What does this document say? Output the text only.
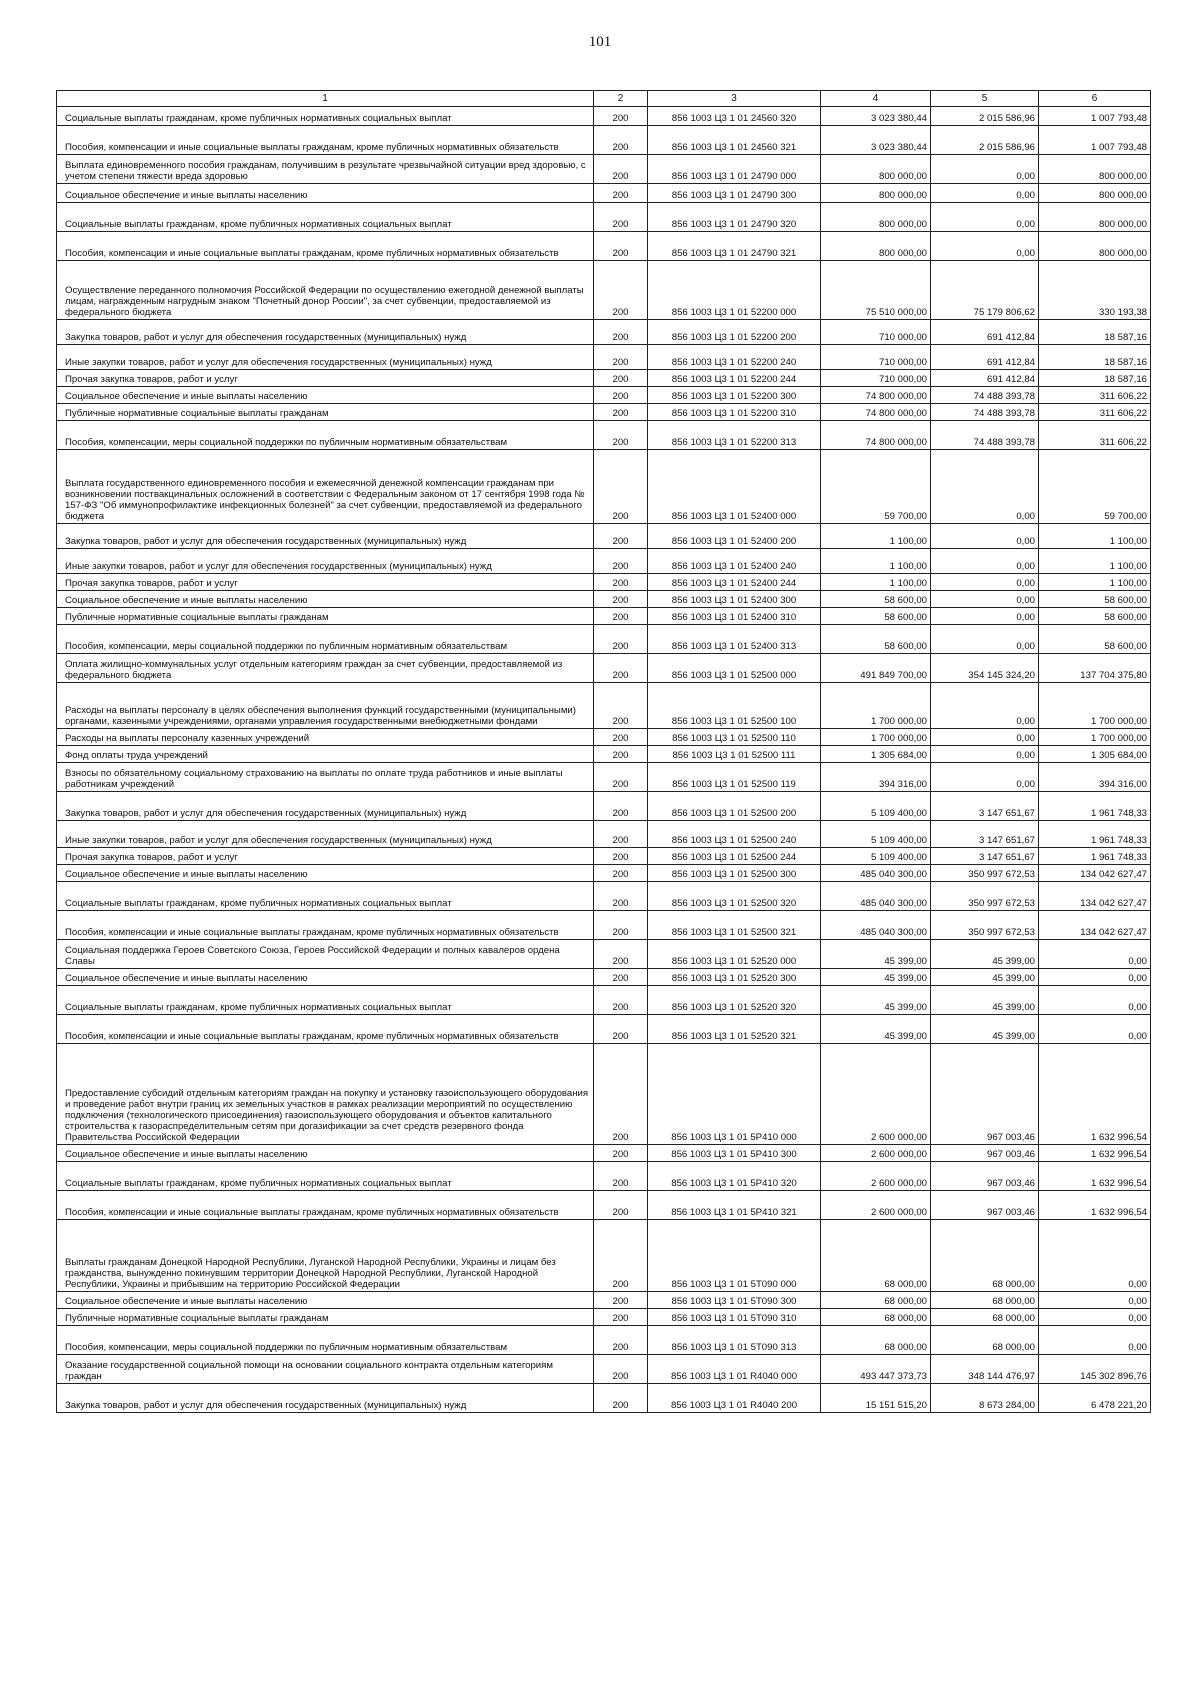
101
1	2	3	4	5	6
Социальные выплаты гражданам, кроме публичных нормативных социальных выплат	200	856 1003 Ц3 1 01 24560 320	3 023 380,44	2 015 586,96	1 007 793,48
Пособия, компенсации и иные социальные выплаты гражданам, кроме публичных нормативных обязательств	200	856 1003 Ц3 1 01 24560 321	3 023 380,44	2 015 586,96	1 007 793,48
Выплата единовременного пособия гражданам, получившим в результате чрезвычайной ситуации вред здоровью, с учетом степени тяжести вреда здоровью	200	856 1003 Ц3 1 01 24790 000	800 000,00	0,00	800 000,00
Социальное обеспечение и иные выплаты населению	200	856 1003 Ц3 1 01 24790 300	800 000,00	0,00	800 000,00
Социальные выплаты гражданам, кроме публичных нормативных социальных выплат	200	856 1003 Ц3 1 01 24790 320	800 000,00	0,00	800 000,00
Пособия, компенсации и иные социальные выплаты гражданам, кроме публичных нормативных обязательств	200	856 1003 Ц3 1 01 24790 321	800 000,00	0,00	800 000,00
Осуществление переданного полномочия Российской Федерации по осуществлению ежегодной денежной выплаты лицам, награжденным нагрудным знаком "Почетный донор России", за счет субвенции, предоставляемой из федерального бюджета	200	856 1003 Ц3 1 01 52200 000	75 510 000,00	75 179 806,62	330 193,38
Закупка товаров, работ и услуг для обеспечения государственных (муниципальных) нужд	200	856 1003 Ц3 1 01 52200 200	710 000,00	691 412,84	18 587,16
Иные закупки товаров, работ и услуг для обеспечения государственных (муниципальных) нужд	200	856 1003 Ц3 1 01 52200 240	710 000,00	691 412,84	18 587,16
Прочая закупка товаров, работ и услуг	200	856 1003 Ц3 1 01 52200 244	710 000,00	691 412,84	18 587,16
Социальное обеспечение и иные выплаты населению	200	856 1003 Ц3 1 01 52200 300	74 800 000,00	74 488 393,78	311 606,22
Публичные нормативные социальные выплаты гражданам	200	856 1003 Ц3 1 01 52200 310	74 800 000,00	74 488 393,78	311 606,22
Пособия, компенсации, меры социальной поддержки по публичным нормативным обязательствам	200	856 1003 Ц3 1 01 52200 313	74 800 000,00	74 488 393,78	311 606,22
Выплата государственного единовременного пособия и ежемесячной денежной компенсации гражданам при возникновении поствакцинальных осложнений в соответствии с Федеральным законом от 17 сентября 1998 года № 157-ФЗ "Об иммунопрофилактике инфекционных болезней" за счет субвенции, предоставляемой из федерального бюджета	200	856 1003 Ц3 1 01 52400 000	59 700,00	0,00	59 700,00
Закупка товаров, работ и услуг для обеспечения государственных (муниципальных) нужд	200	856 1003 Ц3 1 01 52400 200	1 100,00	0,00	1 100,00
Иные закупки товаров, работ и услуг для обеспечения государственных (муниципальных) нужд	200	856 1003 Ц3 1 01 52400 240	1 100,00	0,00	1 100,00
Прочая закупка товаров, работ и услуг	200	856 1003 Ц3 1 01 52400 244	1 100,00	0,00	1 100,00
Социальное обеспечение и иные выплаты населению	200	856 1003 Ц3 1 01 52400 300	58 600,00	0,00	58 600,00
Публичные нормативные социальные выплаты гражданам	200	856 1003 Ц3 1 01 52400 310	58 600,00	0,00	58 600,00
Пособия, компенсации, меры социальной поддержки по публичным нормативным обязательствам	200	856 1003 Ц3 1 01 52400 313	58 600,00	0,00	58 600,00
Оплата жилищно-коммунальных услуг отдельным категориям граждан за счет субвенции, предоставляемой из федерального бюджета	200	856 1003 Ц3 1 01 52500 000	491 849 700,00	354 145 324,20	137 704 375,80
Расходы на выплаты персоналу в целях обеспечения выполнения функций государственными (муниципальными) органами, казенными учреждениями, органами управления государственными внебюджетными фондами	200	856 1003 Ц3 1 01 52500 100	1 700 000,00	0,00	1 700 000,00
Расходы на выплаты персоналу казенных учреждений	200	856 1003 Ц3 1 01 52500 110	1 700 000,00	0,00	1 700 000,00
Фонд оплаты труда учреждений	200	856 1003 Ц3 1 01 52500 111	1 305 684,00	0,00	1 305 684,00
Взносы по обязательному социальному страхованию на выплаты по оплате труда работников и иные выплаты работникам учреждений	200	856 1003 Ц3 1 01 52500 119	394 316,00	0,00	394 316,00
Закупка товаров, работ и услуг для обеспечения государственных (муниципальных) нужд	200	856 1003 Ц3 1 01 52500 200	5 109 400,00	3 147 651,67	1 961 748,33
Иные закупки товаров, работ и услуг для обеспечения государственных (муниципальных) нужд	200	856 1003 Ц3 1 01 52500 240	5 109 400,00	3 147 651,67	1 961 748,33
Прочая закупка товаров, работ и услуг	200	856 1003 Ц3 1 01 52500 244	5 109 400,00	3 147 651,67	1 961 748,33
Социальное обеспечение и иные выплаты населению	200	856 1003 Ц3 1 01 52500 300	485 040 300,00	350 997 672,53	134 042 627,47
Социальные выплаты гражданам, кроме публичных нормативных социальных выплат	200	856 1003 Ц3 1 01 52500 320	485 040 300,00	350 997 672,53	134 042 627,47
Пособия, компенсации и иные социальные выплаты гражданам, кроме публичных нормативных обязательств	200	856 1003 Ц3 1 01 52500 321	485 040 300,00	350 997 672,53	134 042 627,47
Социальная поддержка Героев Советского Союза, Героев Российской Федерации и полных кавалеров ордена Славы	200	856 1003 Ц3 1 01 52520 000	45 399,00	45 399,00	0,00
Социальное обеспечение и иные выплаты населению	200	856 1003 Ц3 1 01 52520 300	45 399,00	45 399,00	0,00
Социальные выплаты гражданам, кроме публичных нормативных социальных выплат	200	856 1003 Ц3 1 01 52520 320	45 399,00	45 399,00	0,00
Пособия, компенсации и иные социальные выплаты гражданам, кроме публичных нормативных обязательств	200	856 1003 Ц3 1 01 52520 321	45 399,00	45 399,00	0,00
Предоставление субсидий отдельным категориям граждан на покупку и установку газоиспользующего оборудования и проведение работ внутри границ их земельных участков в рамках реализации мероприятий по осуществлению подключения (технологического присоединения) газоиспользующего оборудования и объектов капитального строительства к газораспределительным сетям при догазификации за счет средств резервного фонда Правительства Российской Федерации	200	856 1003 Ц3 1 01 5P410 000	2 600 000,00	967 003,46	1 632 996,54
Социальное обеспечение и иные выплаты населению	200	856 1003 Ц3 1 01 5P410 300	2 600 000,00	967 003,46	1 632 996,54
Социальные выплаты гражданам, кроме публичных нормативных социальных выплат	200	856 1003 Ц3 1 01 5P410 320	2 600 000,00	967 003,46	1 632 996,54
Пособия, компенсации и иные социальные выплаты гражданам, кроме публичных нормативных обязательств	200	856 1003 Ц3 1 01 5P410 321	2 600 000,00	967 003,46	1 632 996,54
Выплаты гражданам Донецкой Народной Республики, Луганской Народной Республики, Украины и лицам без гражданства, вынужденно покинувшим территории Донецкой Народной Республики, Луганской Народной Республики, Украины и прибывшим на территорию Российской Федерации	200	856 1003 Ц3 1 01 5T090 000	68 000,00	68 000,00	0,00
Социальное обеспечение и иные выплаты населению	200	856 1003 Ц3 1 01 5T090 300	68 000,00	68 000,00	0,00
Публичные нормативные социальные выплаты гражданам	200	856 1003 Ц3 1 01 5T090 310	68 000,00	68 000,00	0,00
Пособия, компенсации, меры социальной поддержки по публичным нормативным обязательствам	200	856 1003 Ц3 1 01 5T090 313	68 000,00	68 000,00	0,00
Оказание государственной социальной помощи на основании социального контракта отдельным категориям граждан	200	856 1003 Ц3 1 01 R4040 000	493 447 373,73	348 144 476,97	145 302 896,76
Закупка товаров, работ и услуг для обеспечения государственных (муниципальных) нужд	200	856 1003 Ц3 1 01 R4040 200	15 151 515,20	8 673 284,00	6 478 221,20
